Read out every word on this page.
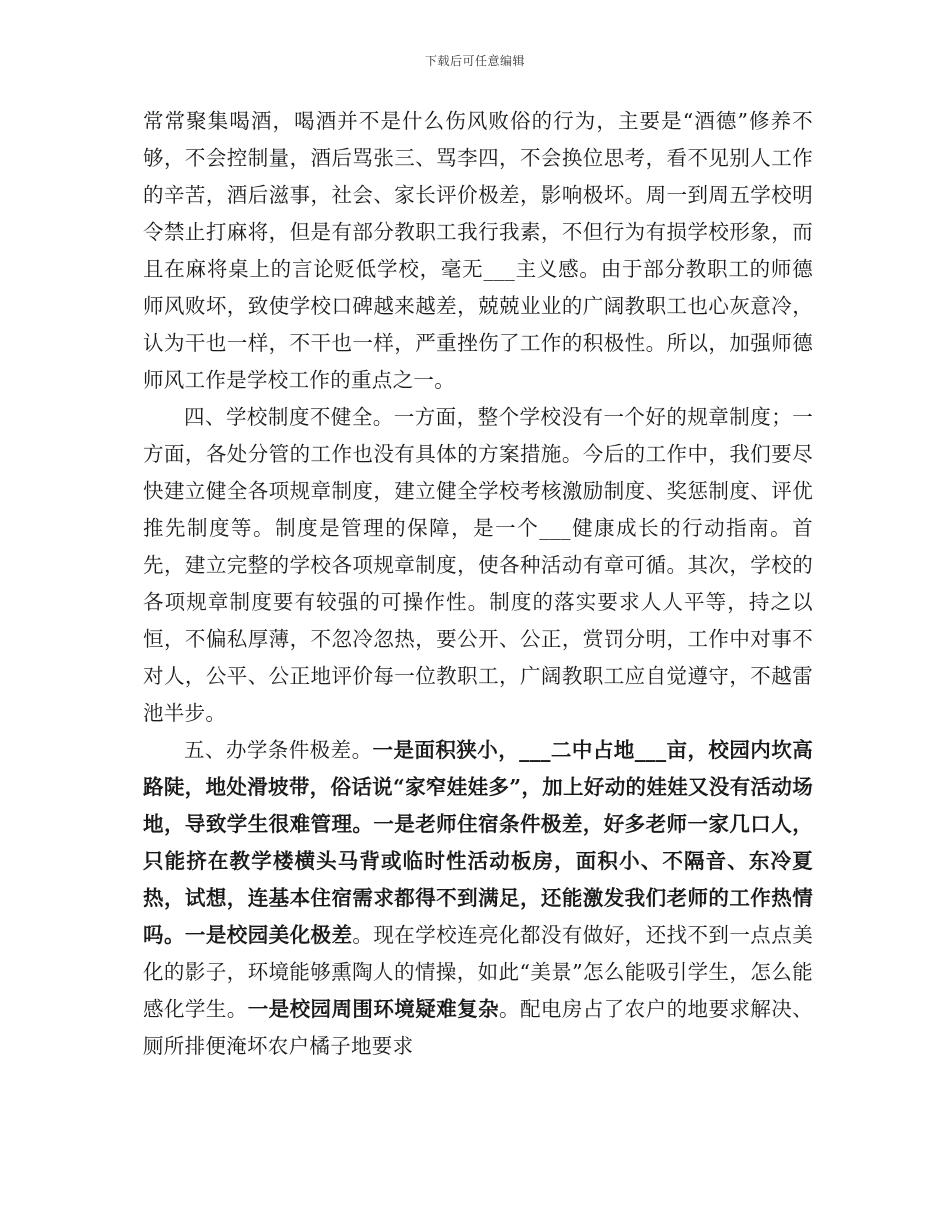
下载后可任意编辑

常常聚集喝酒，喝酒并不是什么伤风败俗的行为，主要是“酒德”修养不够，不会控制量，酒后骂张三、骂李四，不会换位思考，看不见别人工作的辛苦，酒后滋事，社会、家长评价极差，影响极坏。周一到周五学校明令禁止打麻将，但是有部分教职工我行我素，不但行为有损学校形象，而且在麻将桌上的言论贬低学校，毫无___主义感。由于部分教职工的师德师风败坏，致使学校口碑越来越差，兢兢业业的广阔教职工也心灰意冷，认为干也一样，不干也一样，严重挫伤了工作的积极性。所以，加强师德师风工作是学校工作的重点之一。

四、学校制度不健全。一方面，整个学校没有一个好的规章制度；一方面，各处分管的工作也没有具体的方案措施。今后的工作中，我们要尽快建立健全各项规章制度，建立健全学校考核激励制度、奖惩制度、评优推先制度等。制度是管理的保障，是一个___健康成长的行动指南。首先，建立完整的学校各项规章制度，使各种活动有章可循。其次，学校的各项规章制度要有较强的可操作性。制度的落实要求人人平等，持之以恒，不偏私厚薄，不忽冷忽热，要公开、公正，赏罚分明，工作中对事不对人，公平、公正地评价每一位教职工，广阔教职工应自觉遵守，不越雷池半步。

五、办学条件极差。一是面积狭小，___二中占地___亩，校园内坎高路陡，地处滑坡带，俗话说“家窄娃娃多”，加上好动的娃娃又没有活动场地，导致学生很难管理。一是老师住宿条件极差，好多老师一家几口人，只能挤在教学楼横头马背或临时性活动板房，面积小、不隔音、东冷夏热，试想，连基本住宿需求都得不到满足，还能激发我们老师的工作热情吗。一是校园美化极差。现在学校连亮化都没有做好，还找不到一点点美化的影子，环境能够熏陶人的情操，如此“美景”怎么能吸引学生，怎么能感化学生。一是校园周围环境疑难复杂。配电房占了农户的地要求解决、厕所排便淹坏农户橘子地要求
